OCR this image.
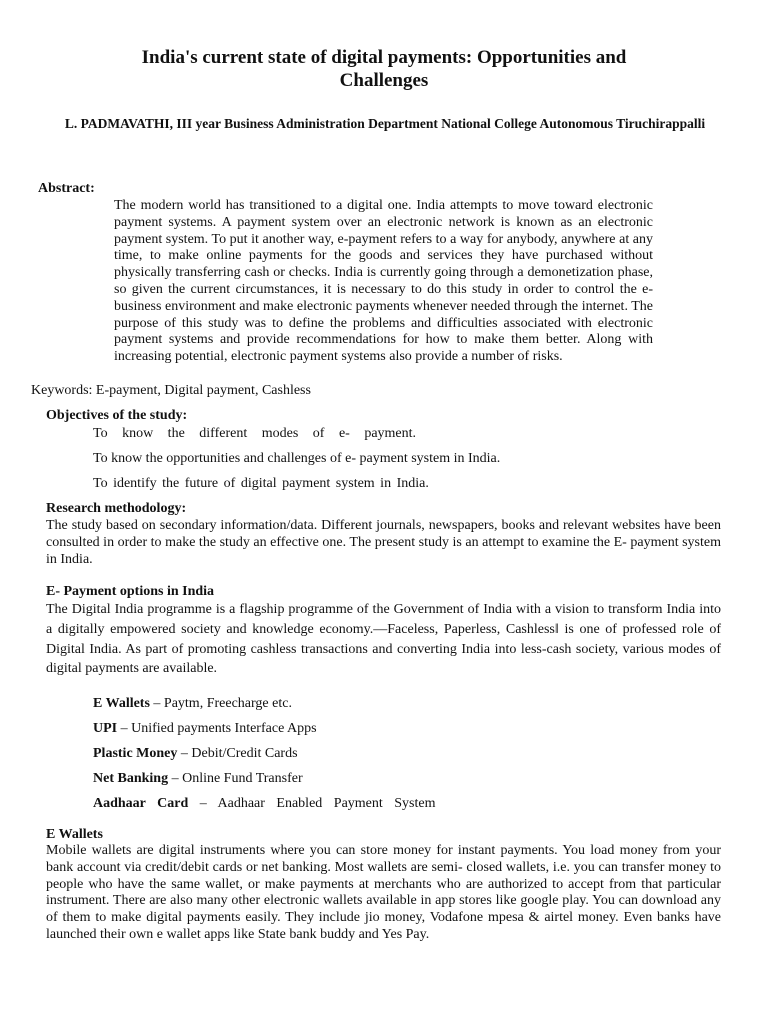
India's current state of digital payments: Opportunities and Challenges
L. PADMAVATHI, III year Business Administration Department National College Autonomous Tiruchirappalli
Abstract:
The modern world has transitioned to a digital one. India attempts to move toward electronic payment systems. A payment system over an electronic network is known as an electronic payment system. To put it another way, e-payment refers to a way for anybody, anywhere at any time, to make online payments for the goods and services they have purchased without physically transferring cash or checks. India is currently going through a demonetization phase, so given the current circumstances, it is necessary to do this study in order to control the e-business environment and make electronic payments whenever needed through the internet. The purpose of this study was to define the problems and difficulties associated with electronic payment systems and provide recommendations for how to make them better. Along with increasing potential, electronic payment systems also provide a number of risks.
Keywords: E-payment, Digital payment, Cashless
Objectives of the study:
To know the different modes of e- payment.
To know the opportunities and challenges of e- payment system in India.
To identify the future of digital payment system in India.
Research methodology:
The study based on secondary information/data. Different journals, newspapers, books and relevant websites have been consulted in order to make the study an effective one. The present study is an attempt to examine the E- payment system in India.
E- Payment options in India
The Digital India programme is a flagship programme of the Government of India with a vision to transform India into a digitally empowered society and knowledge economy.―Faceless, Paperless, Cashless‖ is one of professed role of Digital India. As part of promoting cashless transactions and converting India into less-cash society, various modes of digital payments are available.
E Wallets – Paytm, Freecharge etc.
UPI – Unified payments Interface Apps
Plastic Money – Debit/Credit Cards
Net Banking – Online Fund Transfer
Aadhaar Card – Aadhaar Enabled Payment System
E Wallets
Mobile wallets are digital instruments where you can store money for instant payments. You load money from your bank account via credit/debit cards or net banking. Most wallets are semi- closed wallets, i.e. you can transfer money to people who have the same wallet, or make payments at merchants who are authorized to accept from that particular instrument. There are also many other electronic wallets available in app stores like google play. You can download any of them to make digital payments easily. They include jio money, Vodafone mpesa & airtel money. Even banks have launched their own e wallet apps like State bank buddy and Yes Pay.
